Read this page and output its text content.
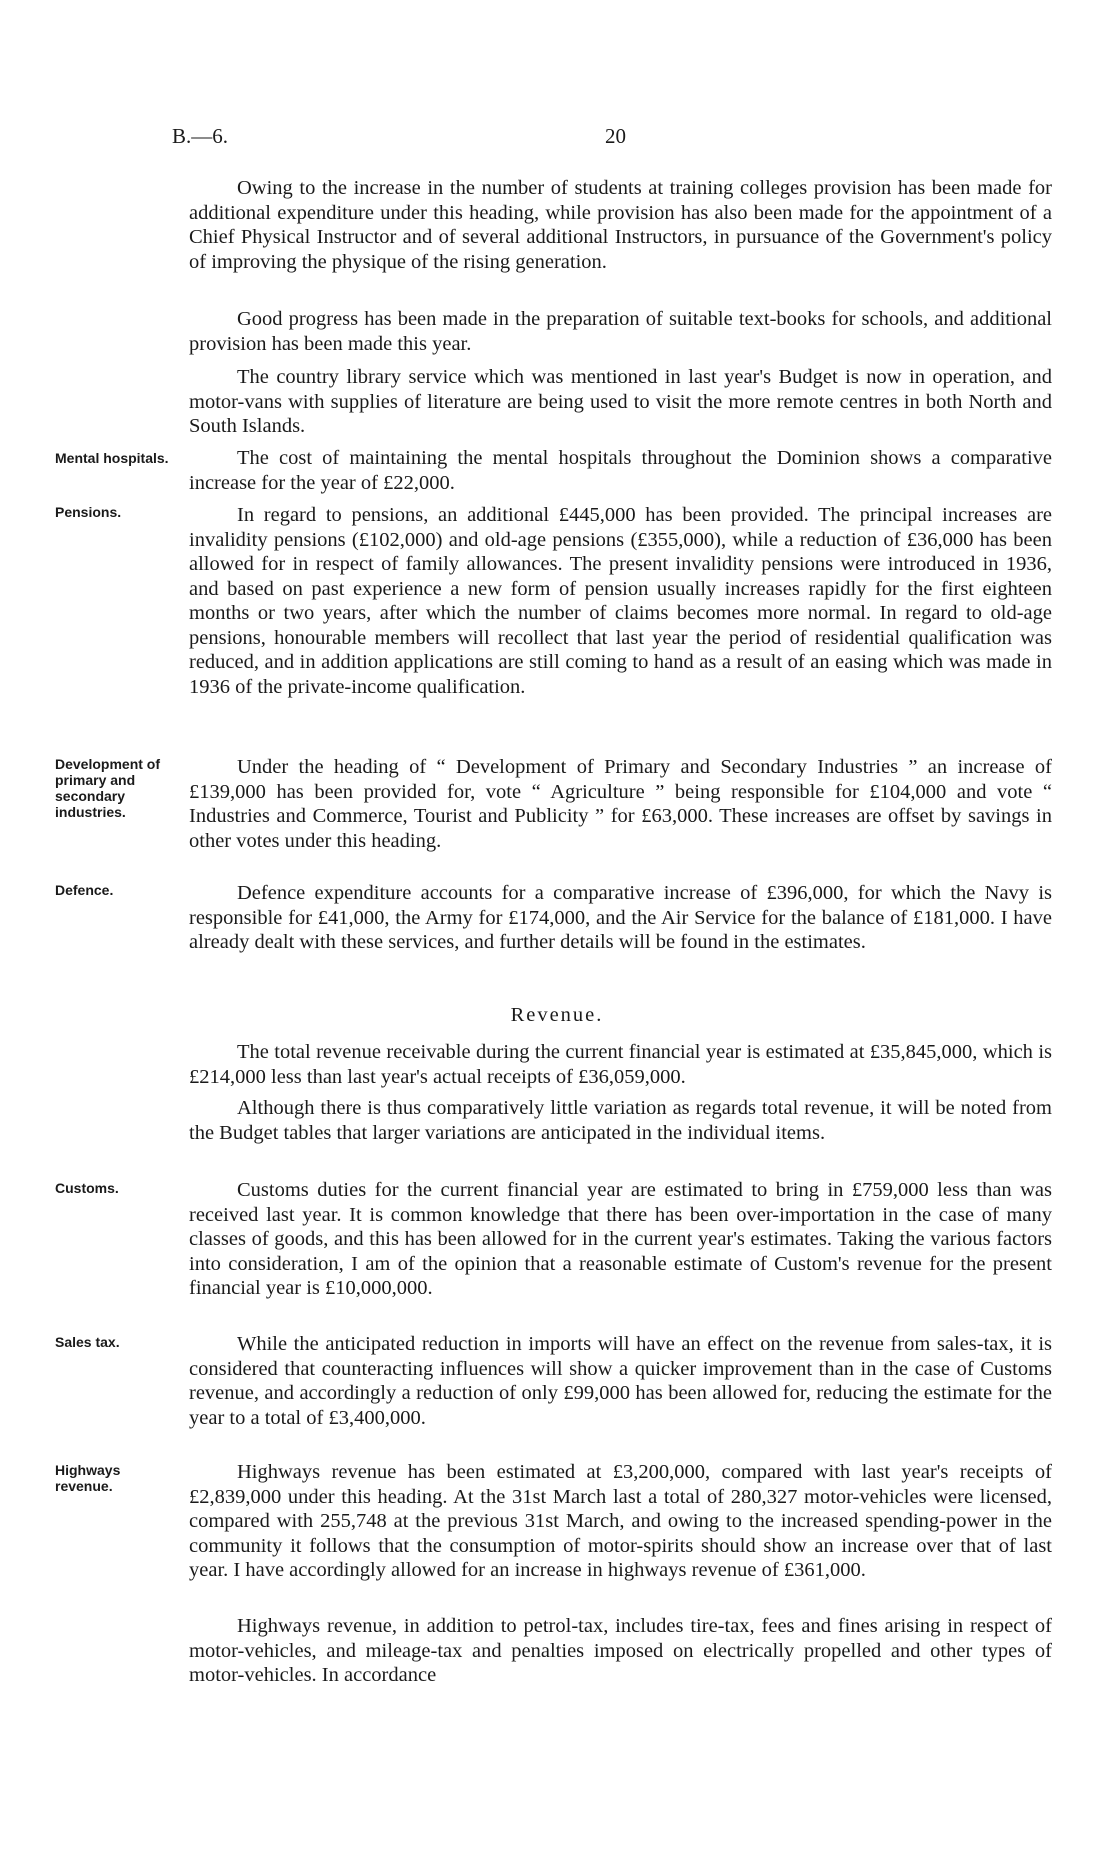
B.—6.	20

Owing to the increase in the number of students at training colleges provision has been made for additional expenditure under this heading, while provision has also been made for the appointment of a Chief Physical Instructor and of several additional Instructors, in pursuance of the Government's policy of improving the physique of the rising generation.

Good progress has been made in the preparation of suitable text-books for schools, and additional provision has been made this year.

The country library service which was mentioned in last year's Budget is now in operation, and motor-vans with supplies of literature are being used to visit the more remote centres in both North and South Islands.

Mental hospitals.	The cost of maintaining the mental hospitals throughout the Dominion shows a comparative increase for the year of £22,000.

Pensions.	In regard to pensions, an additional £445,000 has been provided. The principal increases are invalidity pensions (£102,000) and old-age pensions (£355,000), while a reduction of £36,000 has been allowed for in respect of family allowances. The present invalidity pensions were introduced in 1936, and based on past experience a new form of pension usually increases rapidly for the first eighteen months or two years, after which the number of claims becomes more normal. In regard to old-age pensions, honourable members will recollect that last year the period of residential qualification was reduced, and in addition applications are still coming to hand as a result of an easing which was made in 1936 of the private-income qualification.

Development of primary and secondary industries.

Under the heading of “ Development of Primary and Secondary Industries ” an increase of £139,000 has been provided for, vote “ Agriculture ” being responsible for £104,000 and vote “ Industries and Commerce, Tourist and Publicity ” for £63,000. These increases are offset by savings in other votes under this heading.

Defence.	Defence expenditure accounts for a comparative increase of £396,000, for which the Navy is responsible for £41,000, the Army for £174,000, and the Air Service for the balance of £181,000. I have already dealt with these services, and further details will be found in the estimates.

Revenue.

The total revenue receivable during the current financial year is estimated at £35,845,000, which is £214,000 less than last year's actual receipts of £36,059,000.

Although there is thus comparatively little variation as regards total revenue, it will be noted from the Budget tables that larger variations are anticipated in the individual items.

Customs.	Customs duties for the current financial year are estimated to bring in £759,000 less than was received last year. It is common knowledge that there has been over-importation in the case of many classes of goods, and this has been allowed for in the current year's estimates. Taking the various factors into consideration, I am of the opinion that a reasonable estimate of Custom's revenue for the present financial year is £10,000,000.

Sales tax.	While the anticipated reduction in imports will have an effect on the revenue from sales-tax, it is considered that counteracting influences will show a quicker improvement than in the case of Customs revenue, and accordingly a reduction of only £99,000 has been allowed for, reducing the estimate for the year to a total of £3,400,000.

Highways revenue.

Highways revenue has been estimated at £3,200,000, compared with last year's receipts of £2,839,000 under this heading. At the 31st March last a total of 280,327 motor-vehicles were licensed, compared with 255,748 at the previous 31st March, and owing to the increased spending-power in the community it follows that the consumption of motor-spirits should show an increase over that of last year. I have accordingly allowed for an increase in highways revenue of £361,000.

Highways revenue, in addition to petrol-tax, includes tire-tax, fees and fines arising in respect of motor-vehicles, and mileage-tax and penalties imposed on electrically propelled and other types of motor-vehicles. In accordance
